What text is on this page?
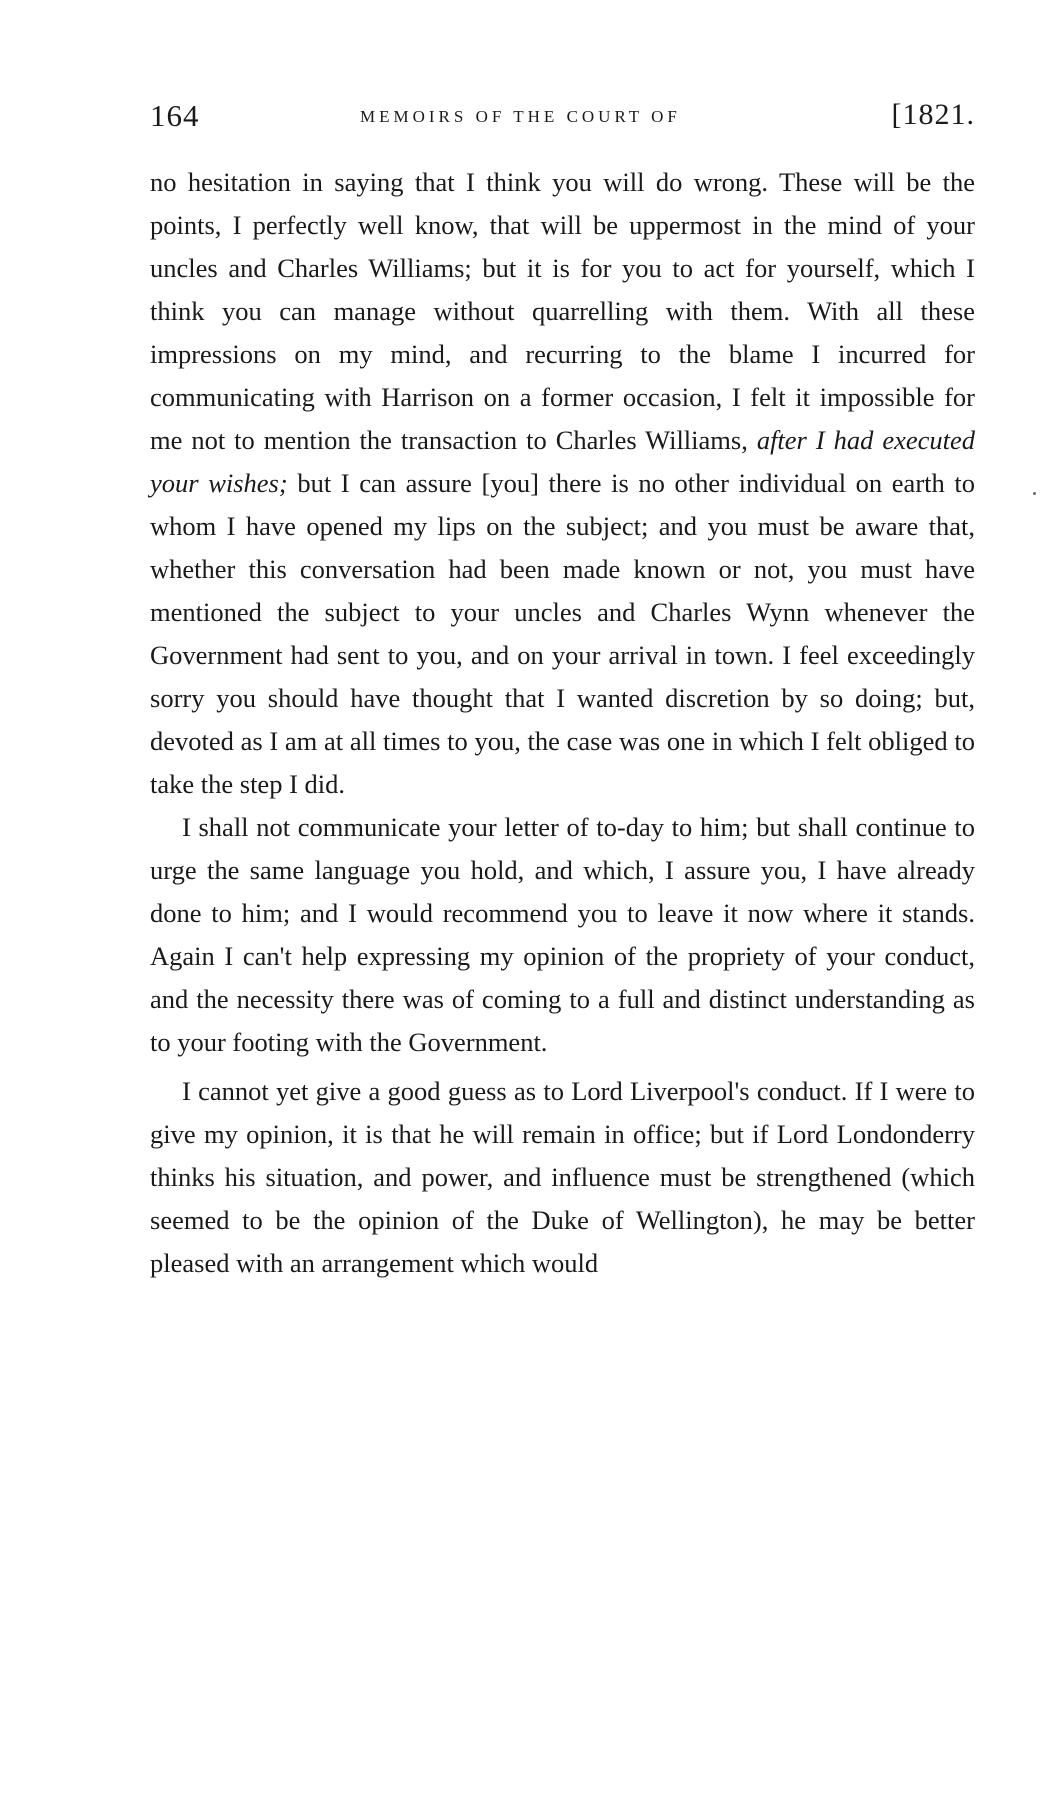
164	MEMOIRS OF THE COURT OF	[1821.

no hesitation in saying that I think you will do wrong. These will be the points, I perfectly well know, that will be uppermost in the mind of your uncles and Charles Williams; but it is for you to act for yourself, which I think you can manage without quarrelling with them. With all these impressions on my mind, and recurring to the blame I incurred for communicating with Harrison on a former occasion, I felt it impossible for me not to mention the transaction to Charles Williams, after I had executed your wishes; but I can assure [you] there is no other individual on earth to whom I have opened my lips on the subject; and you must be aware that, whether this conversation had been made known or not, you must have mentioned the subject to your uncles and Charles Wynn whenever the Government had sent to you, and on your arrival in town. I feel exceedingly sorry you should have thought that I wanted discretion by so doing; but, devoted as I am at all times to you, the case was one in which I felt obliged to take the step I did.

I shall not communicate your letter of to-day to him; but shall continue to urge the same language you hold, and which, I assure you, I have already done to him; and I would recommend you to leave it now where it stands. Again I can't help expressing my opinion of the propriety of your conduct, and the necessity there was of coming to a full and distinct understanding as to your footing with the Government.

I cannot yet give a good guess as to Lord Liverpool's conduct. If I were to give my opinion, it is that he will remain in office; but if Lord Londonderry thinks his situation, and power, and influence must be strengthened (which seemed to be the opinion of the Duke of Wellington), he may be better pleased with an arrangement which would
